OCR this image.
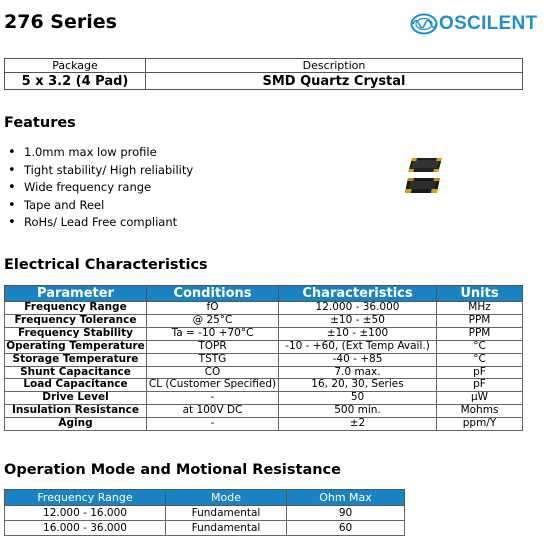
276 Series	OSCILENT
Package	Description
5 x 3.2 (4 Pad)	SMD Quartz Crystal
Features
• 1.0mm max low profile
• Tight stability/ High reliability
• Wide frequency range
• Tape and Reel
• RoHs/ Lead Free compliant
Electrical Characteristics
Parameter	Conditions	Characteristics	Units
Frequency Range	fO	12.000 - 36.000	MHz
Frequency Tolerance	@ 25°C	±10 - ±50	PPM
Frequency Stability	Ta = -10 +70°C	±10 - ±100	PPM
Operating Temperature	TOPR	-10 - +60, (Ext Temp Avail.)	°C
Storage Temperature	TSTG	-40 - +85	°C
Shunt Capacitance	CO	7.0 max.	pF
Load Capacitance	CL (Customer Specified)	16, 20, 30, Series	pF
Drive Level	-	50	μW
Insulation Resistance	at 100V DC	500 min.	Mohms
Aging	-	±2	ppm/Y
Operation Mode and Motional Resistance
Frequency Range	Mode	Ohm Max
12.000 - 16.000	Fundamental	90
16.000 - 36.000	Fundamental	60
